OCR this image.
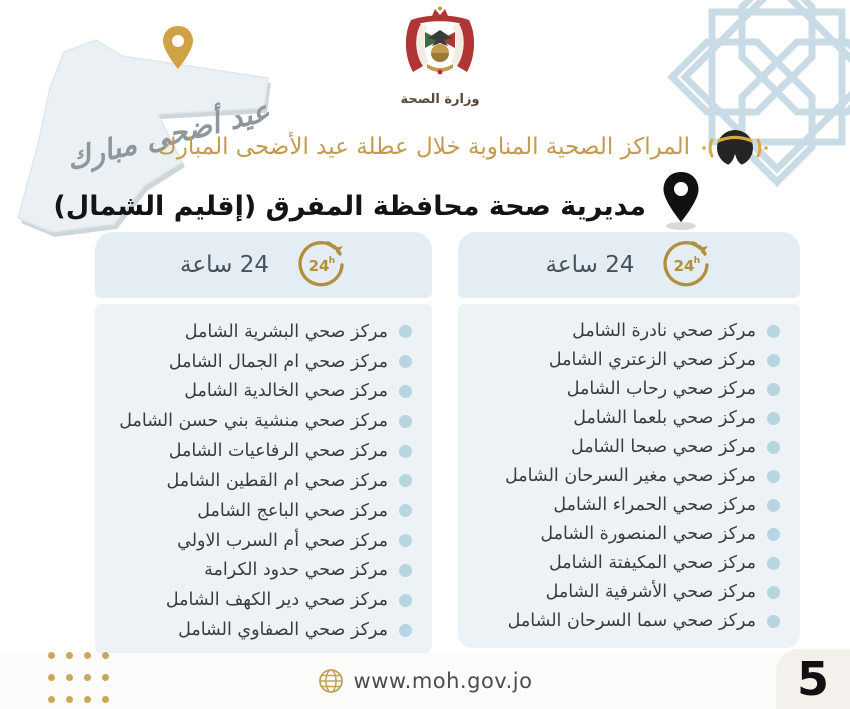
عيد أضحى مبارك	وزارة الصحة
المراكز الصحية المناوبة خلال عطلة عيد الأضحى المبارك
مديرية صحة محافظة المفرق (إقليم الشمال)
24 h
24 ساعة
مركز صحي نادرة الشامل
مركز صحي الزعتري الشامل
مركز صحي رحاب الشامل
مركز صحي بلعما الشامل
مركز صحي صبحا الشامل
مركز صحي مغير السرحان الشامل
مركز صحي الحمراء الشامل
مركز صحي المنصورة الشامل
مركز صحي المكيفتة الشامل
مركز صحي الأشرفية الشامل
مركز صحي سما السرحان الشامل
24 h
24 ساعة
مركز صحي البشرية الشامل
مركز صحي ام الجمال الشامل
مركز صحي الخالدية الشامل
مركز صحي منشية بني حسن الشامل
مركز صحي الرفاعيات الشامل
مركز صحي ام القطين الشامل
مركز صحي الباعج الشامل
مركز صحي أم السرب الاولي
مركز صحي حدود الكرامة
مركز صحي دير الكهف الشامل
مركز صحي الصفاوي الشامل
www.moh.gov.jo	5
